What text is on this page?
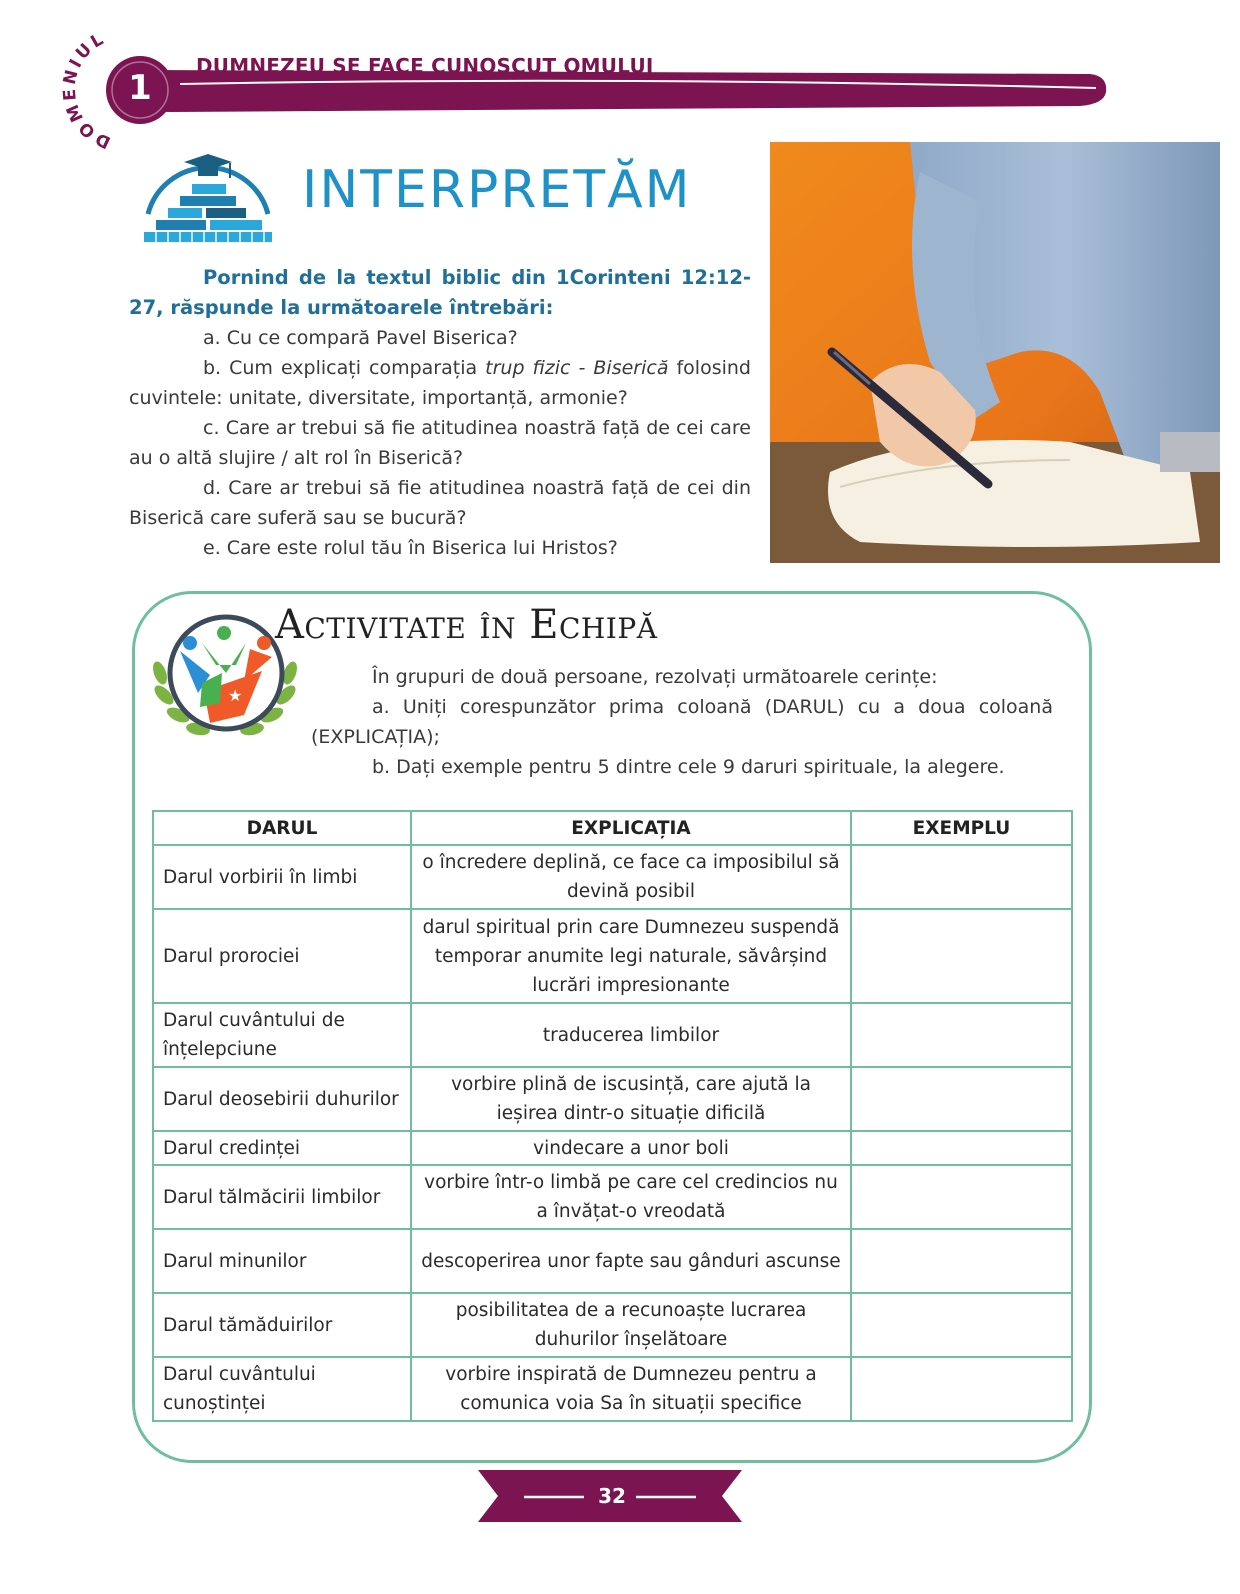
DOMENIUL
1
DUMNEZEU SE FACE CUNOSCUT OMULUI
INTERPRETĂM

Pornind de la textul biblic din 1Corinteni 12:12-27, răspunde la următoarele întrebări:

a. Cu ce compară Pavel Biserica?

b. Cum explicați comparația trup fizic - Biserică folosind cuvintele: unitate, diversitate, importanță, armonie?

c. Care ar trebui să fie atitudinea noastră față de cei care au o altă slujire / alt rol în Biserică?

d. Care ar trebui să fie atitudinea noastră față de cei din Biserică care suferă sau se bucură?

e. Care este rolul tău în Biserica lui Hristos?

★
Activitate în Echipă

În grupuri de două persoane, rezolvați următoarele cerințe:

a. Uniți corespunzător prima coloană (DARUL) cu a doua coloană (EXPLICAȚIA);

b. Dați exemple pentru 5 dintre cele 9 daruri spirituale, la alegere.

DARUL	EXPLICAȚIA	EXEMPLU
Darul vorbirii în limbi	o încredere deplină, ce face ca imposibilul să devină posibil	
Darul prorociei	darul spiritual prin care Dumnezeu suspendă temporar anumite legi naturale, săvârșind lucrări impresionante	
Darul cuvântului de înțelepciune	traducerea limbilor	
Darul deosebirii duhurilor	vorbire plină de iscusință, care ajută la ieșirea dintr-o situație dificilă	
Darul credinței	vindecare a unor boli	
Darul tălmăcirii limbilor	vorbire într-o limbă pe care cel credincios nu a învățat-o vreodată	
Darul minunilor	descoperirea unor fapte sau gânduri ascunse	
Darul tămăduirilor	posibilitatea de a recunoaște lucrarea duhurilor înșelătoare	
Darul cuvântului cunoștinței	vorbire inspirată de Dumnezeu pentru a comunica voia Sa în situații specifice	
32
